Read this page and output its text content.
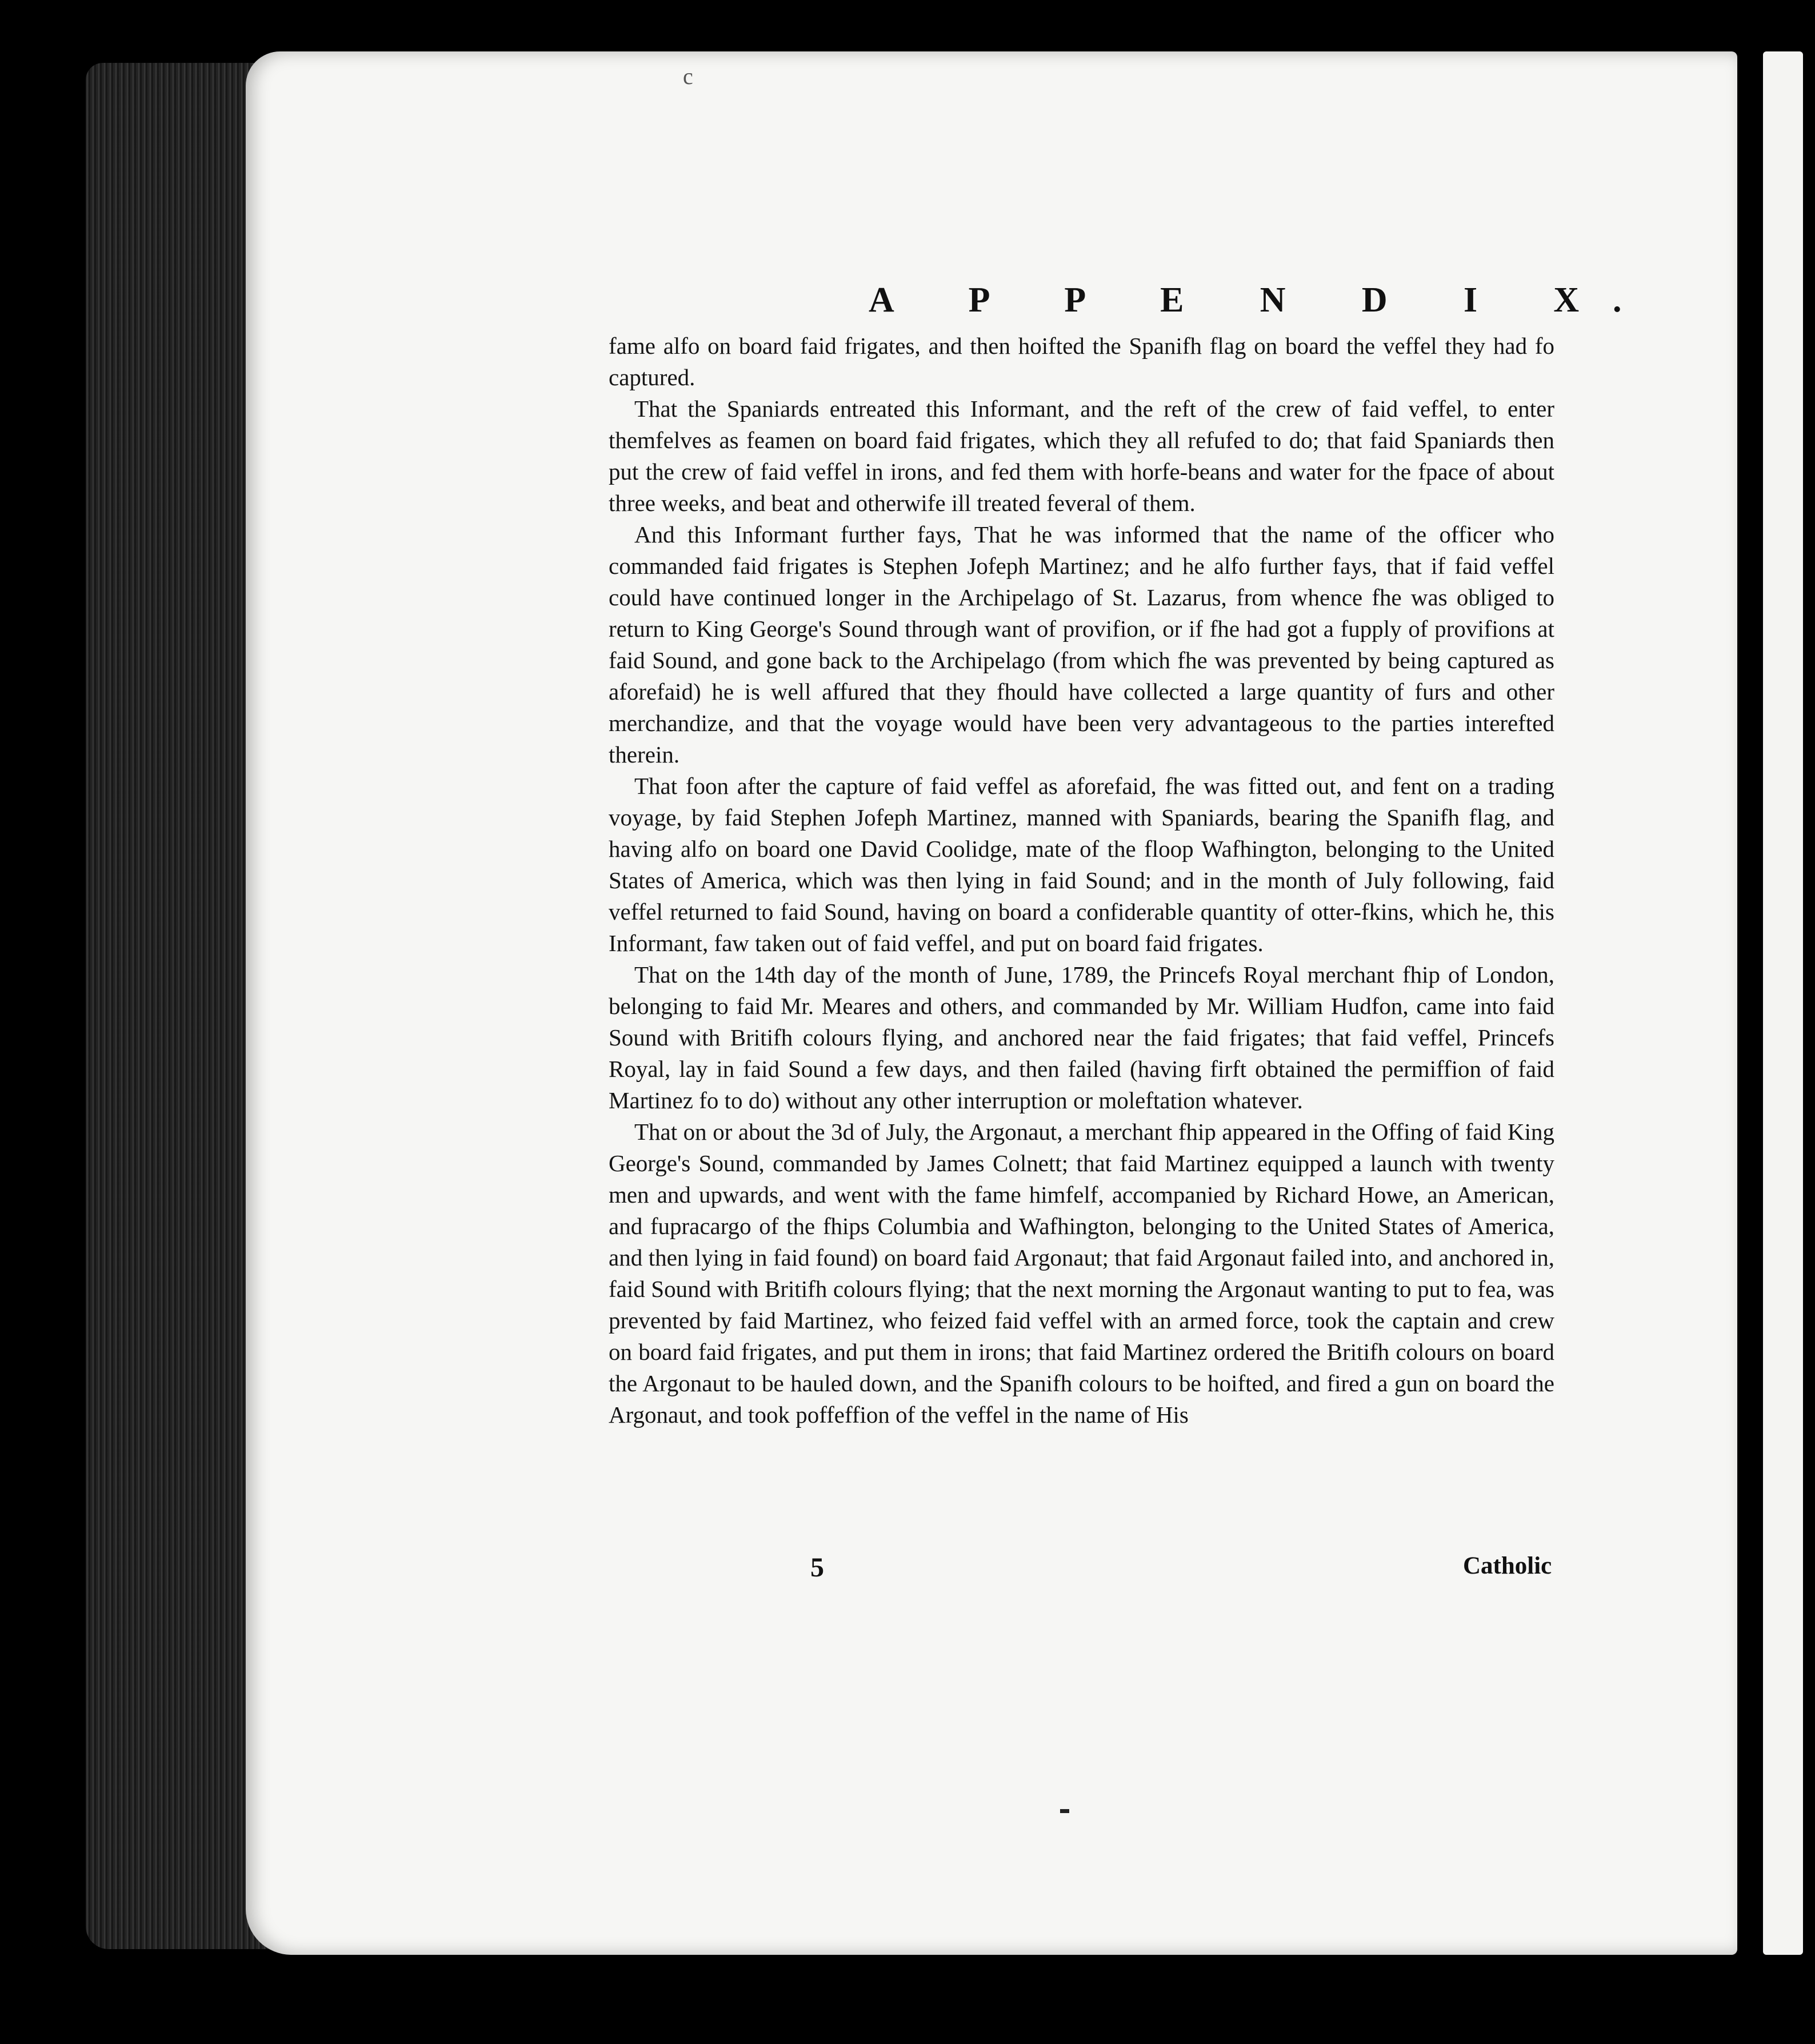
c
A P P E N D I X.

fame alfo on board faid frigates, and then hoifted the Spanifh flag on board the veffel they had fo captured.

That the Spaniards entreated this Informant, and the reft of the crew of faid veffel, to enter themfelves as feamen on board faid frigates, which they all refufed to do; that faid Spaniards then put the crew of faid veffel in irons, and fed them with horfe-beans and water for the fpace of about three weeks, and beat and otherwife ill treated feveral of them.

And this Informant further fays, That he was informed that the name of the officer who commanded faid frigates is Stephen Jofeph Martinez; and he alfo further fays, that if faid veffel could have continued longer in the Archipelago of St. Lazarus, from whence fhe was obliged to return to King George's Sound through want of provifion, or if fhe had got a fupply of provifions at faid Sound, and gone back to the Archipelago (from which fhe was prevented by being captured as aforefaid) he is well affured that they fhould have collected a large quantity of furs and other merchandize, and that the voyage would have been very advantageous to the parties interefted therein.

That foon after the capture of faid veffel as aforefaid, fhe was fitted out, and fent on a trading voyage, by faid Stephen Jofeph Martinez, manned with Spaniards, bearing the Spanifh flag, and having alfo on board one David Coolidge, mate of the floop Wafhington, belonging to the United States of America, which was then lying in faid Sound; and in the month of July following, faid veffel returned to faid Sound, having on board a confiderable quantity of otter-fkins, which he, this Informant, faw taken out of faid veffel, and put on board faid frigates.

That on the 14th day of the month of June, 1789, the Princefs Royal merchant fhip of London, belonging to faid Mr. Meares and others, and commanded by Mr. William Hudfon, came into faid Sound with Britifh colours flying, and anchored near the faid frigates; that faid veffel, Princefs Royal, lay in faid Sound a few days, and then failed (having firft obtained the permiffion of faid Martinez fo to do) without any other interruption or moleftation whatever.

That on or about the 3d of July, the Argonaut, a merchant fhip appeared in the Offing of faid King George's Sound, commanded by James Colnett; that faid Martinez equipped a launch with twenty men and upwards, and went with the fame himfelf, accompanied by Richard Howe, an American, and fupracargo of the fhips Columbia and Wafhington, belonging to the United States of America, and then lying in faid found) on board faid Argonaut; that faid Argonaut failed into, and anchored in, faid Sound with Britifh colours flying; that the next morning the Argonaut wanting to put to fea, was prevented by faid Martinez, who feized faid veffel with an armed force, took the captain and crew on board faid frigates, and put them in irons; that faid Martinez ordered the Britifh colours on board the Argonaut to be hauled down, and the Spanifh colours to be hoifted, and fired a gun on board the Argonaut, and took poffeffion of the veffel in the name of His

5	Catholic
